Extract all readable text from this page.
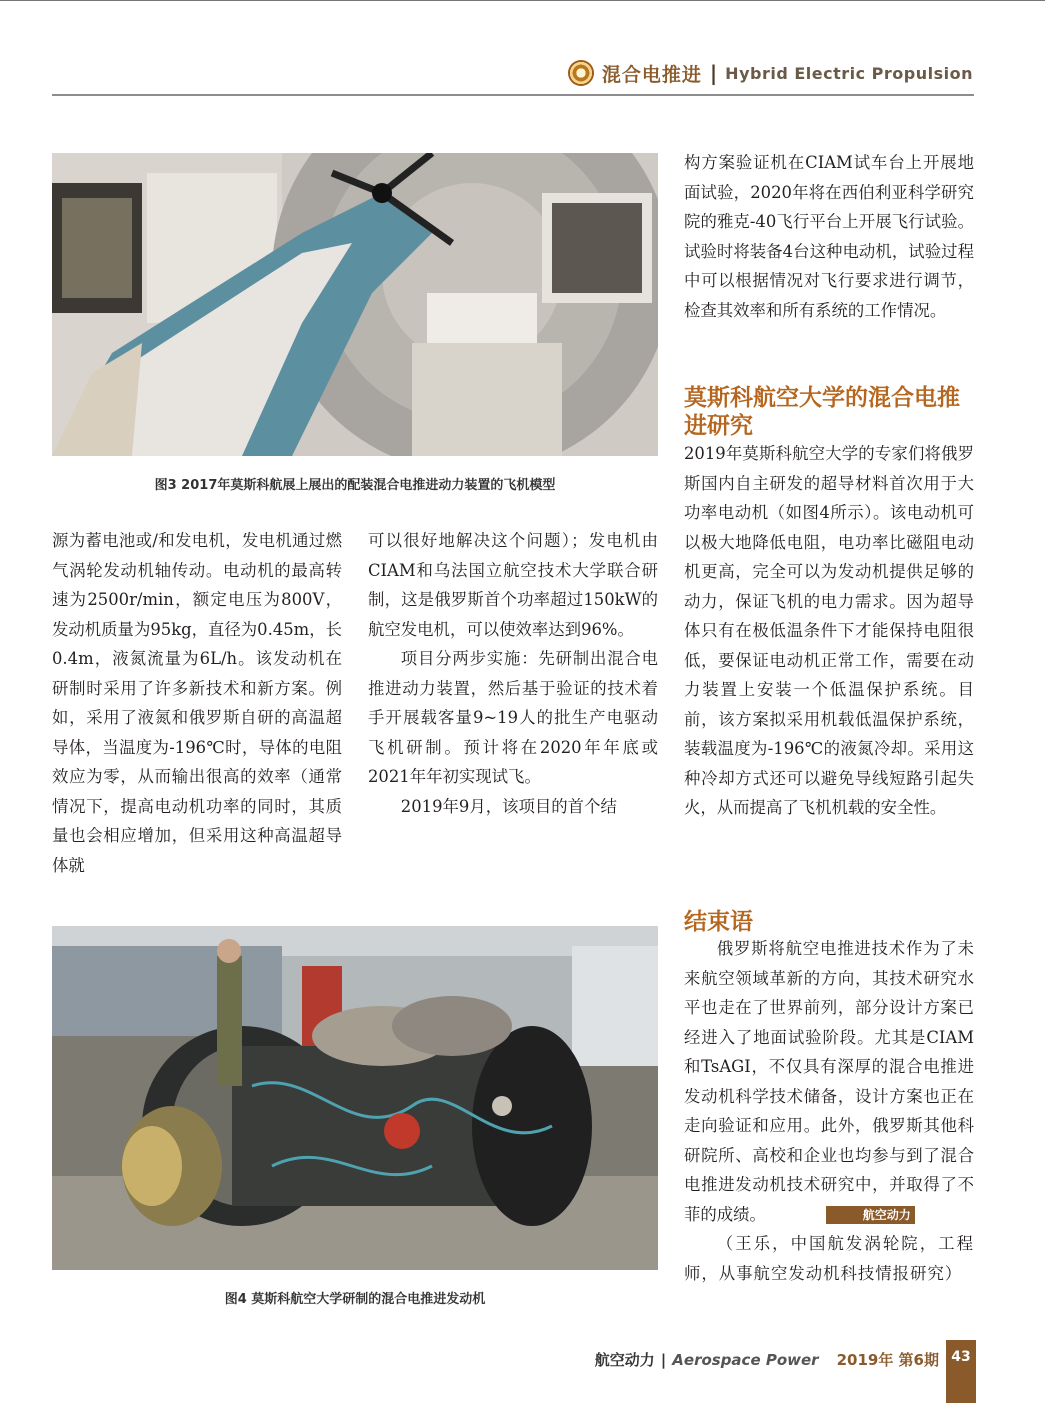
混合电推进 | Hybrid Electric Propulsion
图3 2017年莫斯科航展上展出的配装混合电推进动力装置的飞机模型

构方案验证机在CIAM试车台上开展地面试验，2020年将在西伯利亚科学研究院的雅克-40飞行平台上开展飞行试验。试验时将装备4台这种电动机，试验过程中可以根据情况对飞行要求进行调节，检查其效率和所有系统的工作情况。

莫斯科航空大学的混合电推进研究

2019年莫斯科航空大学的专家们将俄罗斯国内自主研发的超导材料首次用于大功率电动机（如图4所示）。该电动机可以极大地降低电阻，电功率比磁阻电动机更高，完全可以为发动机提供足够的动力，保证飞机的电力需求。因为超导体只有在极低温条件下才能保持电阻很低，要保证电动机正常工作，需要在动力装置上安装一个低温保护系统。目前，该方案拟采用机载低温保护系统，装载温度为-196℃的液氮冷却。采用这种冷却方式还可以避免导线短路引起失火，从而提高了飞机机载的安全性。

源为蓄电池或/和发电机，发电机通过燃气涡轮发动机轴传动。电动机的最高转速为2500r/min，额定电压为800V，发动机质量为95kg，直径为0.45m，长0.4m，液氮流量为6L/h。该发动机在研制时采用了许多新技术和新方案。例如，采用了液氮和俄罗斯自研的高温超导体，当温度为-196℃时，导体的电阻效应为零，从而输出很高的效率（通常情况下，提高电动机功率的同时，其质量也会相应增加，但采用这种高温超导体就

可以很好地解决这个问题）；发电机由CIAM和乌法国立航空技术大学联合研制，这是俄罗斯首个功率超过150kW的航空发电机，可以使效率达到96%。

项目分两步实施：先研制出混合电推进动力装置，然后基于验证的技术着手开展载客量9~19人的批生产电驱动飞机研制。预计将在2020年年底或2021年年初实现试飞。

2019年9月，该项目的首个结

图4 莫斯科航空大学研制的混合电推进发动机
结束语

俄罗斯将航空电推进技术作为了未来航空领域革新的方向，其技术研究水平也走在了世界前列，部分设计方案已经进入了地面试验阶段。尤其是CIAM和TsAGI，不仅具有深厚的混合电推进发动机科学技术储备，设计方案也正在走向验证和应用。此外，俄罗斯其他科研院所、高校和企业也均参与到了混合电推进发动机技术研究中，并取得了不菲的成绩。	航空动力

（王乐，中国航发涡轮院，工程师，从事航空发动机科技情报研究）

航空动力 | Aerospace Power 2019年 第6期 43
